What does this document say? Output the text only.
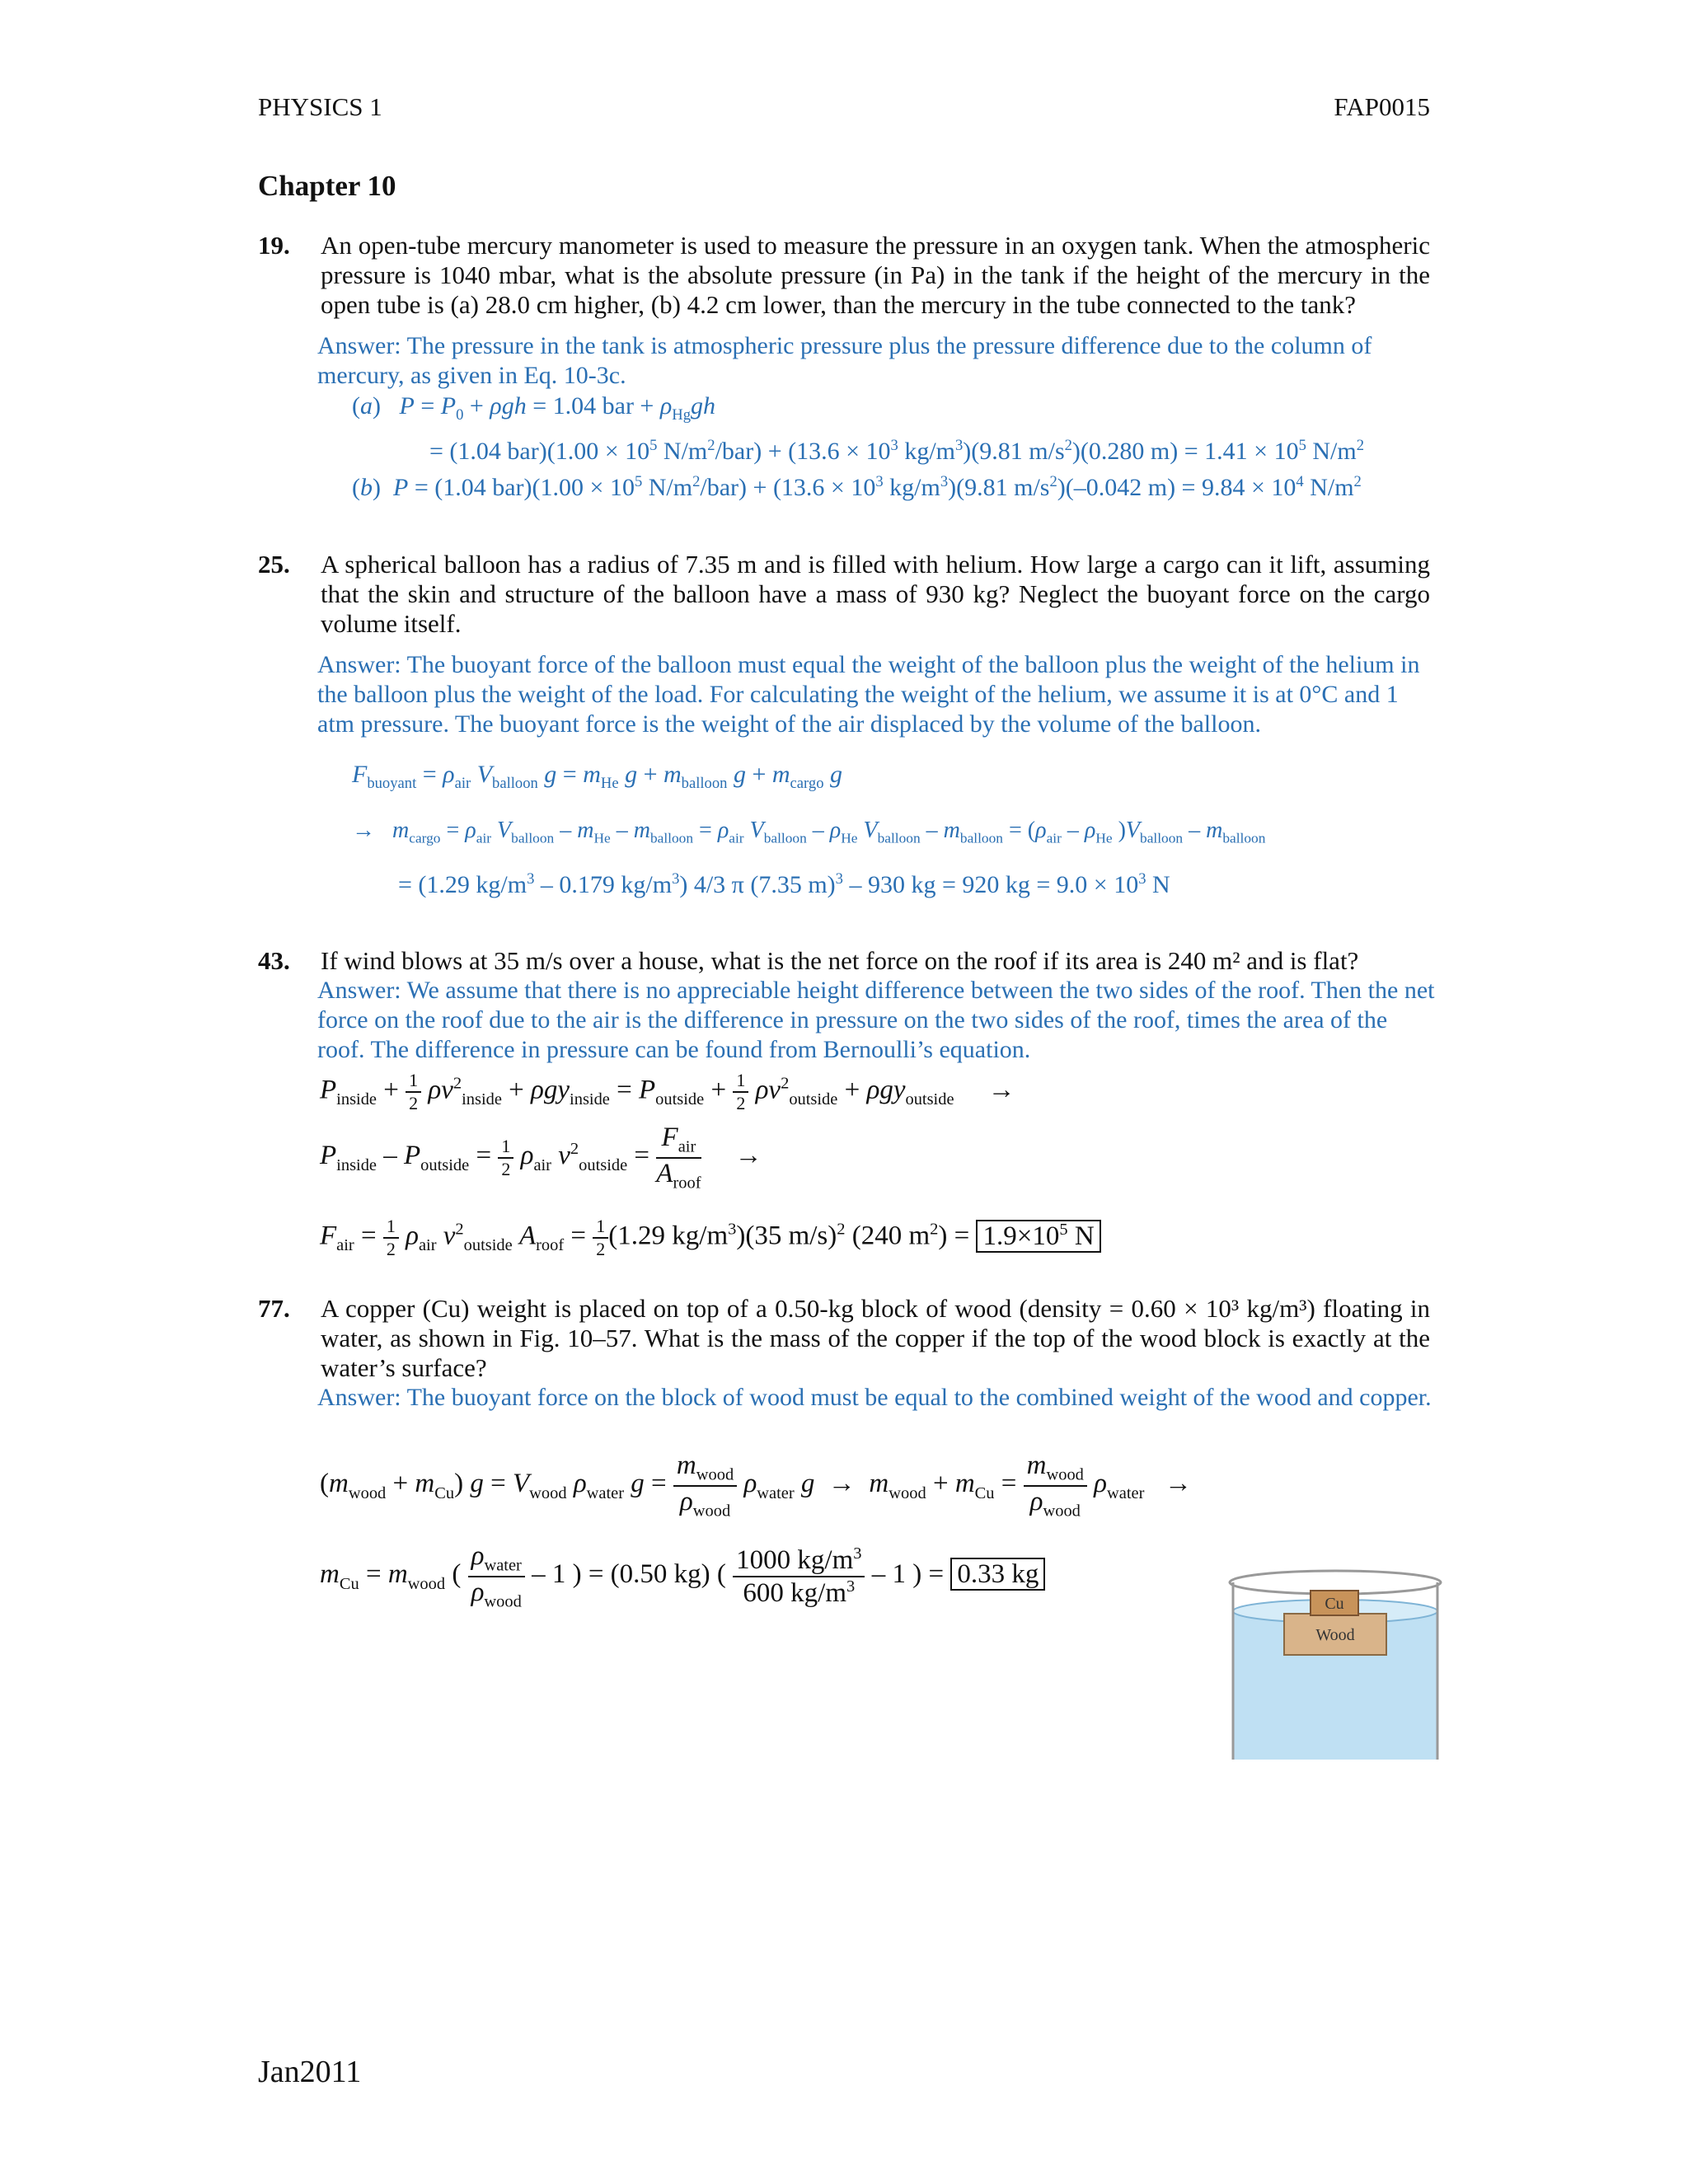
PHYSICS 1	FAP0015
Chapter 10
19. An open-tube mercury manometer is used to measure the pressure in an oxygen tank. When the atmospheric pressure is 1040 mbar, what is the absolute pressure (in Pa) in the tank if the height of the mercury in the open tube is (a) 28.0 cm higher, (b) 4.2 cm lower, than the mercury in the tube connected to the tank?
Answer: The pressure in the tank is atmospheric pressure plus the pressure difference due to the column of mercury, as given in Eq. 10-3c.
(a)   $P = P_0 + \rho gh = 1.04$ bar + $\rho_{Hg}gh$
= (1.04 $bar)(1.00 \times 10^5$ $N/m^2/bar) + (13.6 \times 10^3$ $kg/m^3)(9.81$ $m/s^2)(0.280$ $m) = 1.41 \times 10^5$ $N/m^2$
(b)  P = (1.04 $bar)(1.00 \times 10^5$ $N/m^2/bar) + (13.6 \times 10^3$ $kg/m^3)(9.81$ $m/s^2)(-0.042$ $m) = 9.84 \times 10^4$ $N/m^2$
25. A spherical balloon has a radius of 7.35 m and is filled with helium. How large a cargo can it lift, assuming that the skin and structure of the balloon have a mass of 930 kg? Neglect the buoyant force on the cargo volume itself.
Answer: The buoyant force of the balloon must equal the weight of the balloon plus the weight of the helium in the balloon plus the weight of the load. For calculating the weight of the helium, we assume it is at 0°C and 1 atm pressure. The buoyant force is the weight of the air displaced by the volume of the balloon.
$F_{buoyant} = \rho_{air}$ $V_{balloon}$ $g = m_{He}$ $g + m_{balloon}$ $g + m_{cargo}$ g
→   $m_{cargo} = \rho_{air}$ $V_{balloon} - m_{He} - m_{balloon} = \rho_{air}$ $V_{balloon} - \rho_{He}$ $V_{balloon} - m_{balloon} = (\rho_{air} - \rho_{He}$ )$V_{balloon} - m_{balloon}$
= (1.29 $kg/m^3 - 0.179$ $kg/m^3$) 4/3 π (7.35 m)$^3$ – 930 kg = 920 kg = $9.0 \times 10^3$ N
43. If wind blows at 35 m/s over a house, what is the net force on the roof if its area is 240 m² and is flat?
Answer: We assume that there is no appreciable height difference between the two sides of the roof. Then the net force on the roof due to the air is the difference in pressure on the two sides of the roof, times the area of the roof. The difference in pressure can be found from Bernoulli’s equation.
$P_{inside} + \frac{1}{2} \rho v^2_{inside} + \rho gy_{inside} = P_{outside} + \frac{1}{2} \rho v^2_{outside} + \rho gy_{outside}$     →
$P_{inside} - P_{outside} = \frac{1}{2} \rho_{air}$ $v^2_{outside} = \frac{F_{air}}{A_{roof}}$ →
$F_{air} = \frac{1}{2} \rho_{air}$ $v^2_{outside}$ $A_{roof} = \frac{1}{2} (1.29$ $kg/m^3)(35$ m/s)$^2$ (240 $m^2) = 1.9\times 10^5$ N
77. A copper (Cu) weight is placed on top of a 0.50-kg block of wood (density = 0.60 × 10³ kg/m³) floating in water, as shown in Fig. 10–57. What is the mass of the copper if the top of the wood block is exactly at the water’s surface?
Answer: The buoyant force on the block of wood must be equal to the combined weight of the wood and copper.
$(m_{wood} + m_{Cu}) g = V_{wood}$ $\rho_{water}$ $g = \frac{m_{wood}}{\rho_{wood}} \rho_{water}$ $g \to m_{wood} + m_{Cu} = \frac{m_{wood}}{\rho_{wood}} \rho_{water}$   →
$m_{Cu} = m_{wood}$ ( $\frac{\rho_{water}}{\rho_{wood}} - 1$ ) = (0.50 kg) ( $\frac{1000 kg/m^3}{600 kg/m^3} - 1$ ) = 0.33 kg
Cu
Wood
Jan2011
